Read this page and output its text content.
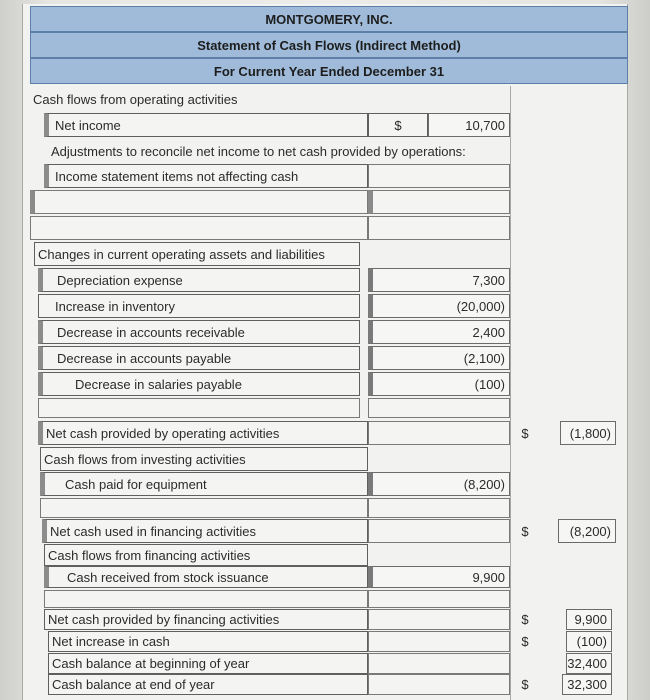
MONTGOMERY, INC.
Statement of Cash Flows (Indirect Method)
For Current Year Ended December 31
Cash flows from operating activities
Net income	$	10,700
Adjustments to reconcile net income to net cash provided by operations:
Income statement items not affecting cash
Changes in current operating assets and liabilities
Depreciation expense	7,300
Increase in inventory	(20,000)
Decrease in accounts receivable	2,400
Decrease in accounts payable	(2,100)
Decrease in salaries payable	(100)
Net cash provided by operating activities	$	(1,800)
Cash flows from investing activities
Cash paid for equipment	(8,200)
Net cash used in financing activities	$	(8,200)
Cash flows from financing activities
Cash received from stock issuance	9,900
Net cash provided by financing activities	$	9,900
Net increase in cash	$	(100)
Cash balance at beginning of year	32,400
Cash balance at end of year	$	32,300
